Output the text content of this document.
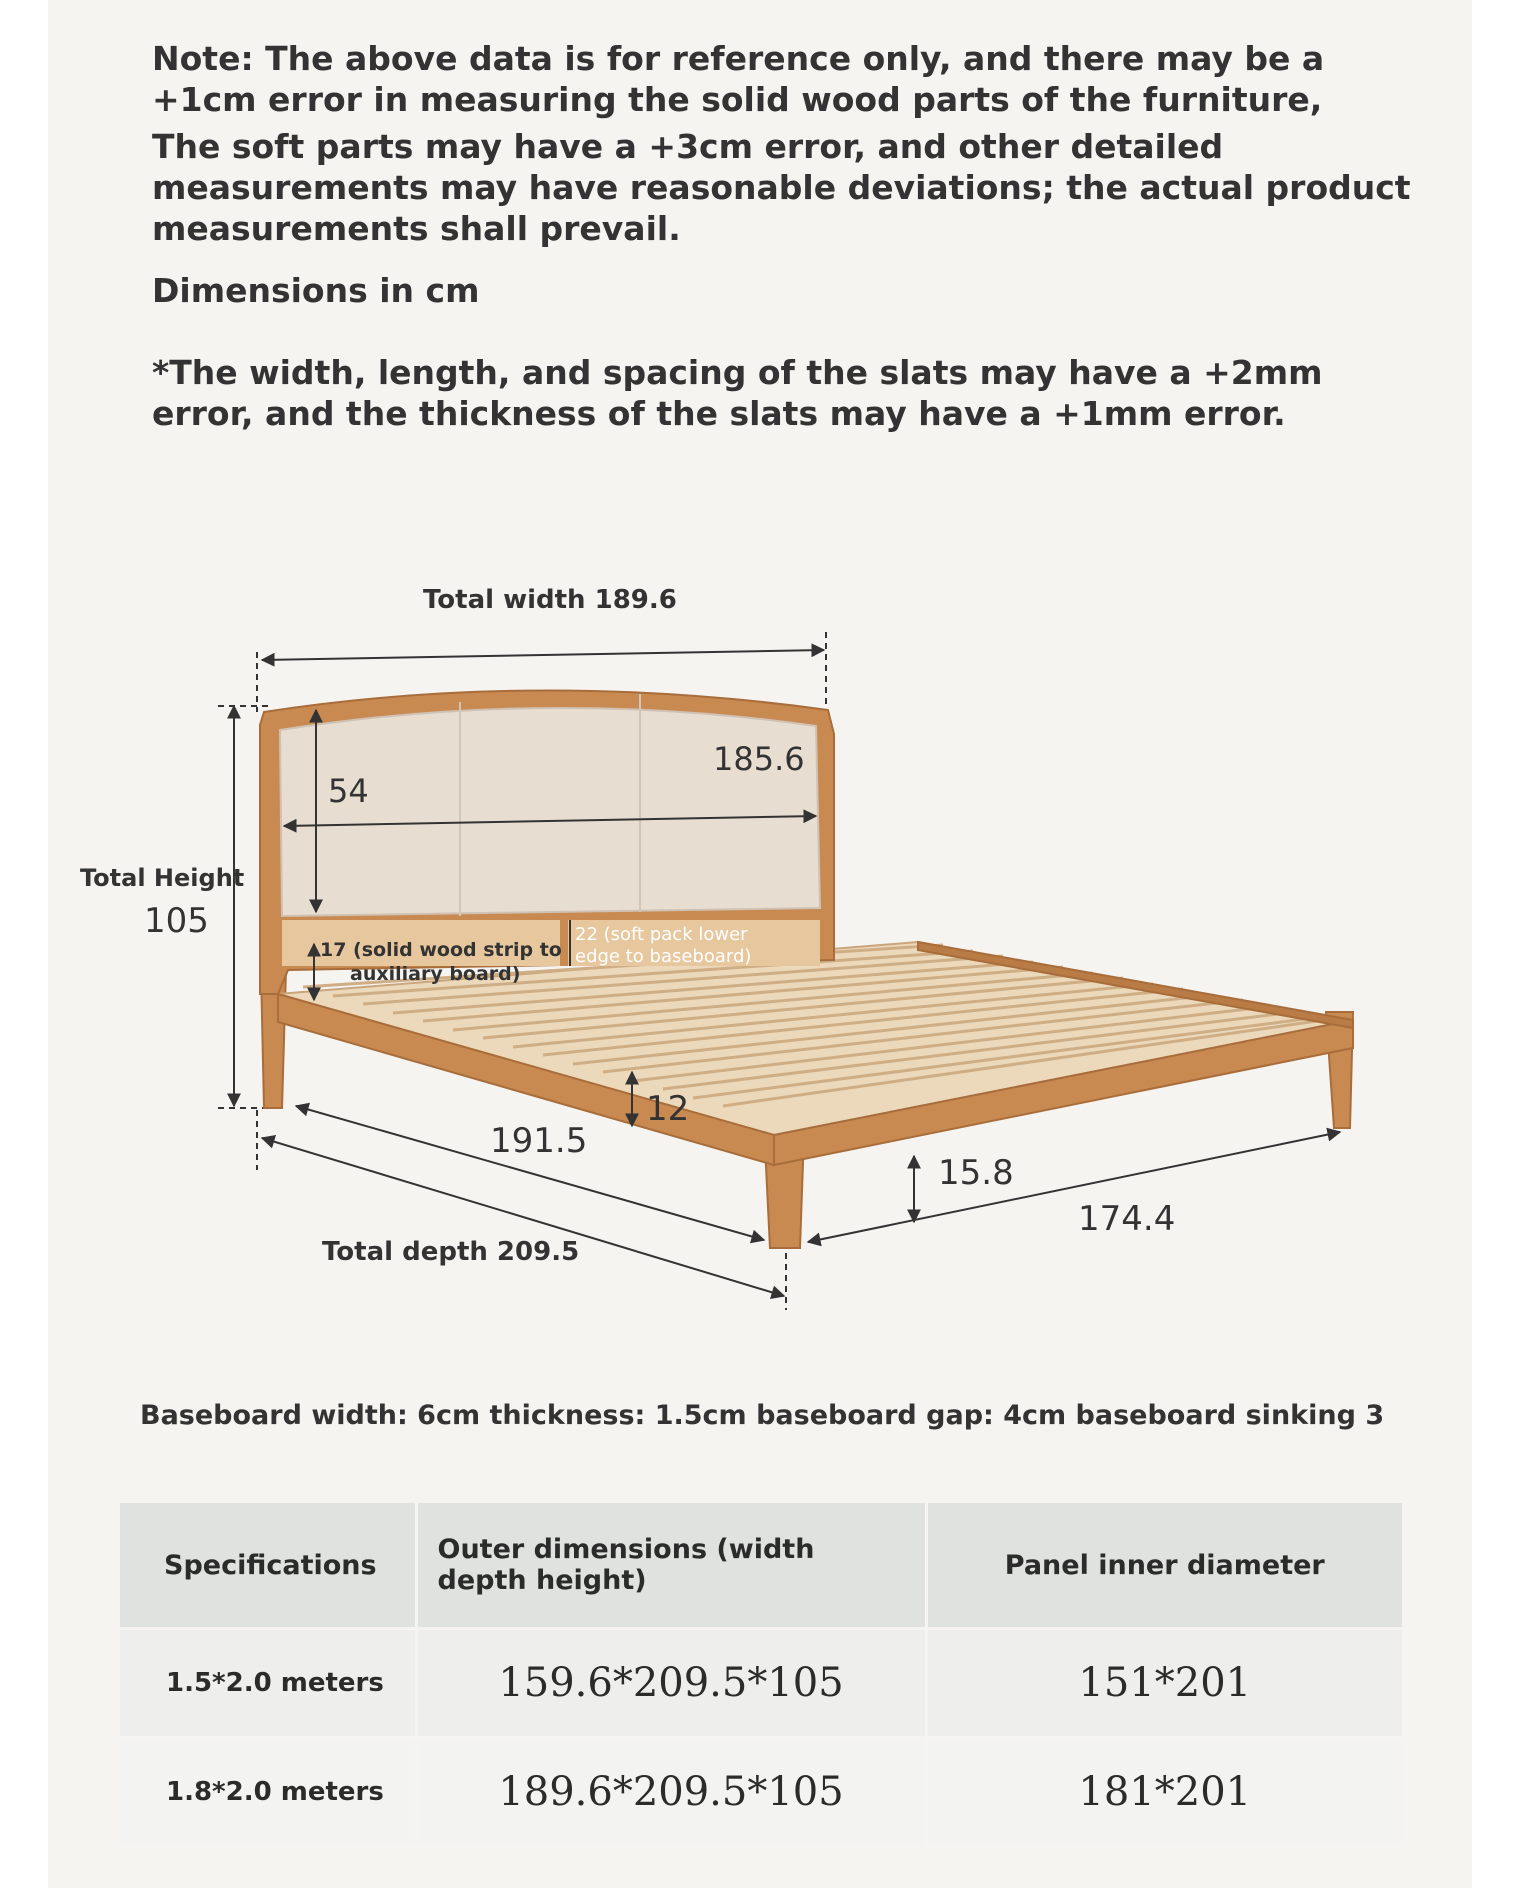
Note: The above data is for reference only, and there may be a +1cm error in measuring the solid wood parts of the furniture,

The soft parts may have a +3cm error, and other detailed measurements may have reasonable deviations; the actual product measurements shall prevail.

Dimensions in cm

*The width, length, and spacing of the slats may have a +2mm error, and the thickness of the slats may have a +1mm error.

Total width 189.6
185.6
54
Total Height
105
17 (solid wood strip to
auxiliary board)
22 (soft pack lower
edge to baseboard)
12
191.5
15.8
174.4
Total depth 209.5
Baseboard width: 6cm thickness: 1.5cm baseboard gap: 4cm baseboard sinking 3
Specifications	Outer dimensions (width depth height)	Panel inner diameter
1.5*2.0 meters	159.6*209.5*105	151*201
1.8*2.0 meters	189.6*209.5*105	181*201
